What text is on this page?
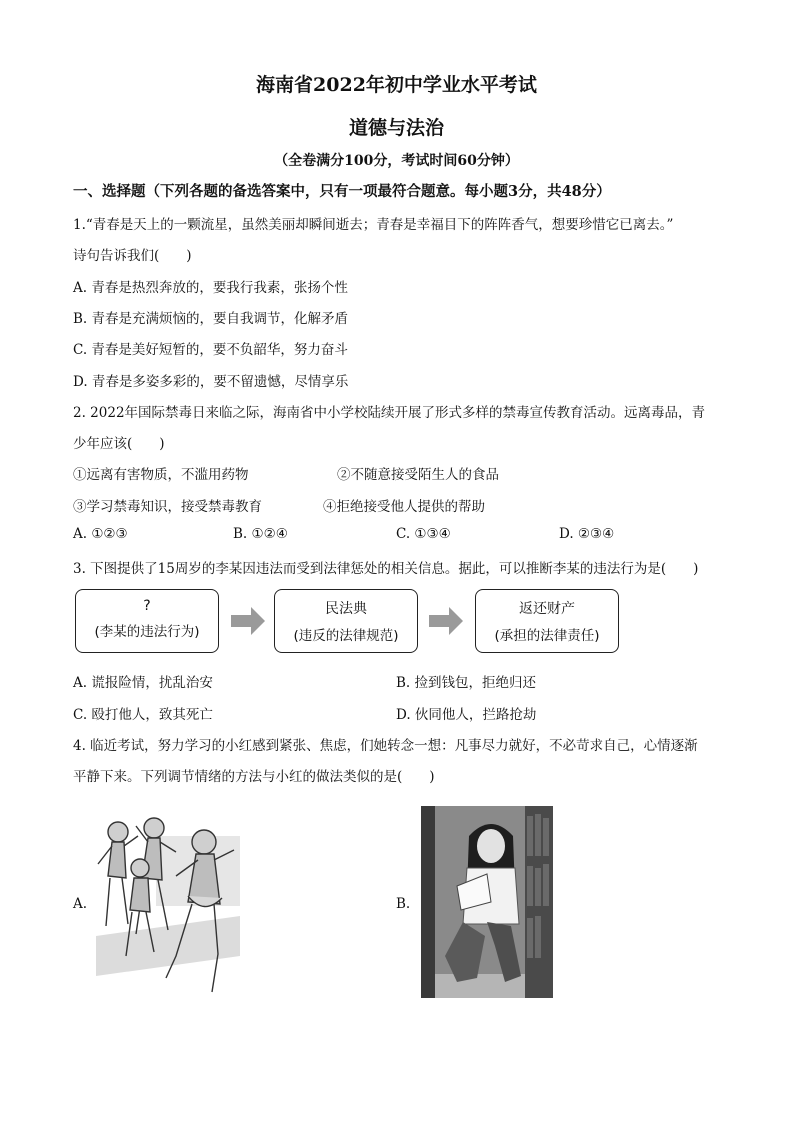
海南省2022年初中学业水平考试
道德与法治
（全卷满分100分，考试时间60分钟）
一、选择题（下列各题的备选答案中，只有一项最符合题意。每小题3分，共48分）
1.“青春是天上的一颗流星，虽然美丽却瞬间逝去；青春是幸福目下的阵阵香气，想要珍惜它已离去。”
诗句告诉我们(　　)
A. 青春是热烈奔放的，要我行我素，张扬个性
B. 青春是充满烦恼的，要自我调节，化解矛盾
C. 青春是美好短暂的，要不负韶华，努力奋斗
D. 青春是多姿多彩的，要不留遗憾，尽情享乐
2. 2022年国际禁毒日来临之际，海南省中小学校陆续开展了形式多样的禁毒宣传教育活动。远离毒品，青
少年应该(　　)
①远离有害物质，不滥用药物	②不随意接受陌生人的食品
③学习禁毒知识，接受禁毒教育	④拒绝接受他人提供的帮助
A. ①②③	B. ①②④	C. ①③④	D. ②③④
3. 下图提供了15周岁的李某因违法而受到法律惩处的相关信息。据此，可以推断李某的违法行为是(　　)
?
(李某的违法行为)
民法典
(违反的法律规范)
返还财产
(承担的法律责任)
A. 谎报险情，扰乱治安	B. 捡到钱包，拒绝归还
C. 殴打他人，致其死亡	D. 伙同他人，拦路抢劫
4. 临近考试，努力学习的小红感到紧张、焦虑，们她转念一想：凡事尽力就好，不必苛求自己，心情逐渐
平静下来。下列调节情绪的方法与小红的做法类似的是(　　)
A.	B.
